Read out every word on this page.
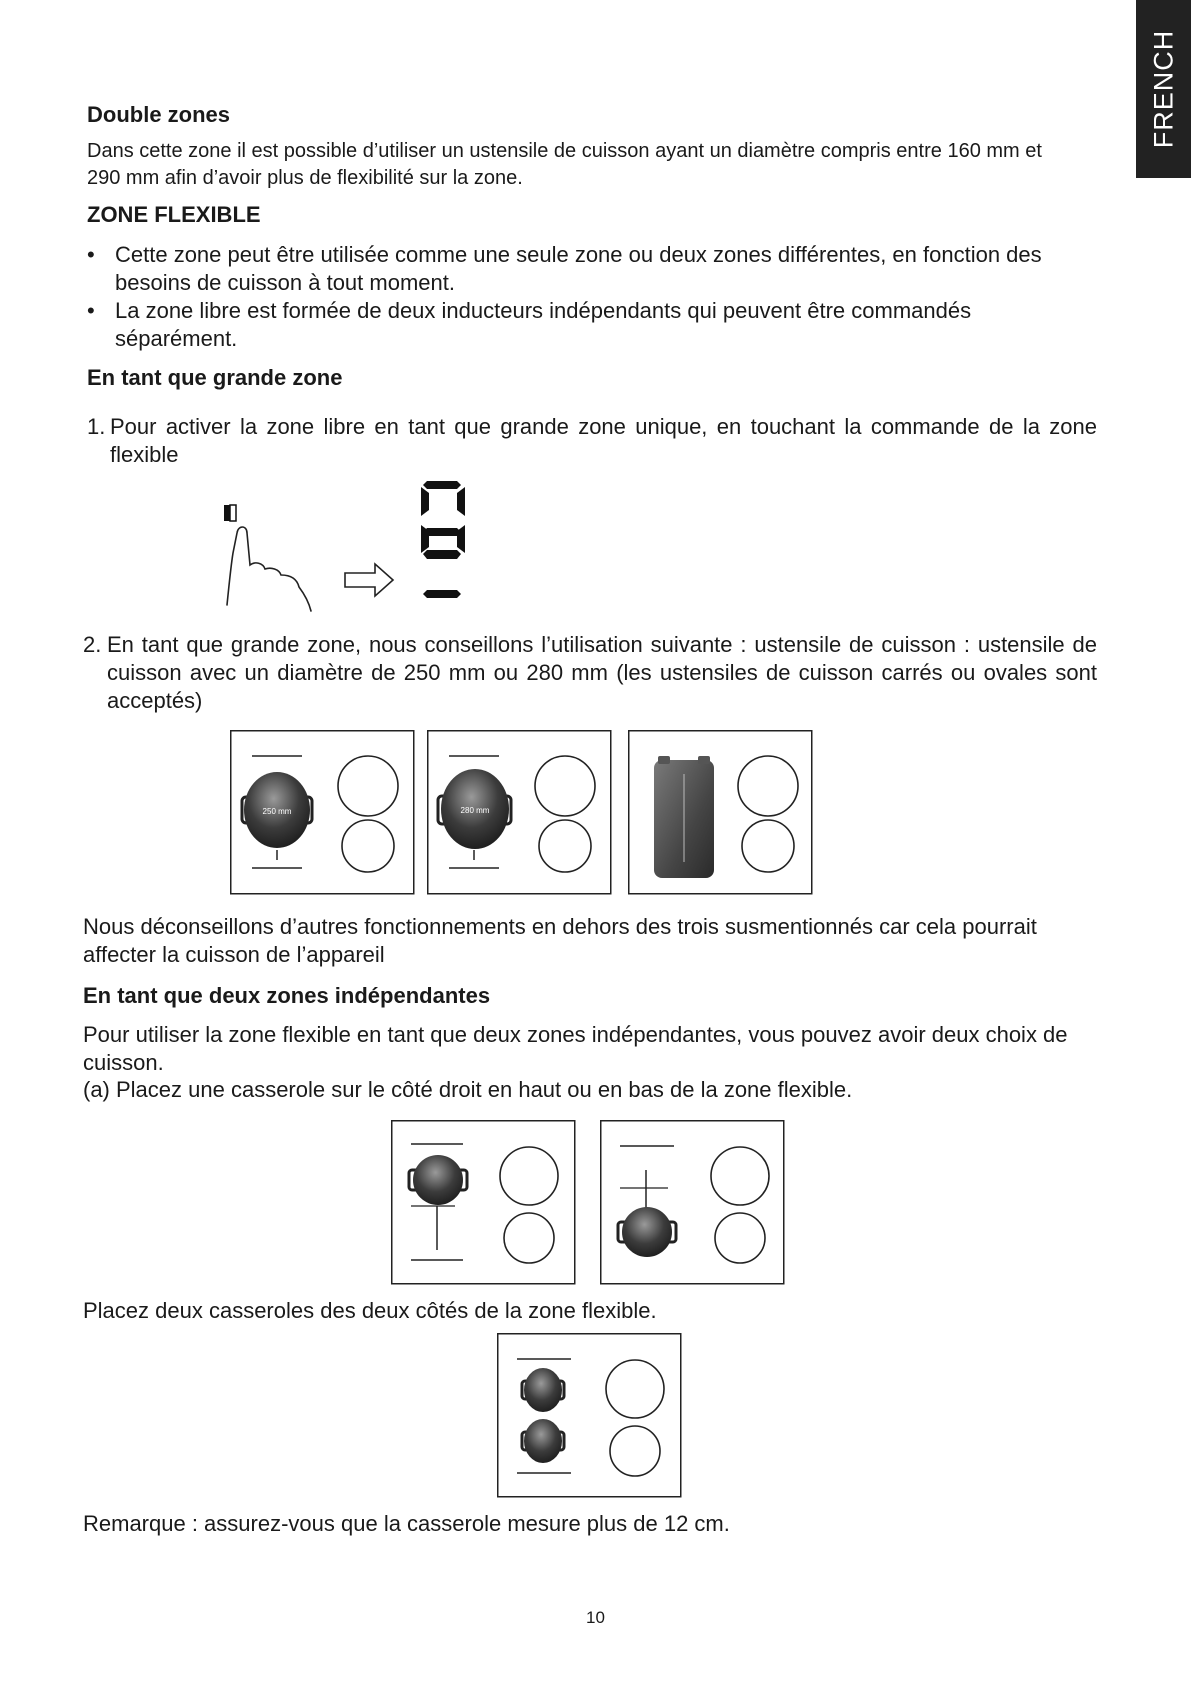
FRENCH
Double zones
Dans cette zone il est possible d’utiliser un ustensile de cuisson ayant un diamètre compris entre 160 mm et 290 mm afin d’avoir plus de flexibilité sur la zone.
ZONE FLEXIBLE
• Cette zone peut être utilisée comme une seule zone ou deux zones différentes, en fonction des besoins de cuisson à tout moment.
• La zone libre est formée de deux inducteurs indépendants qui peuvent être commandés séparément.
En tant que grande zone
1. Pour activer la zone libre en tant que grande zone unique, en touchant la commande de la zone flexible
2. En tant que grande zone, nous conseillons l’utilisation suivante : ustensile de cuisson : ustensile de cuisson avec un diamètre de 250 mm ou 280 mm (les ustensiles de cuisson carrés ou ovales sont acceptés)
250 mm	280 mm
Nous déconseillons d’autres fonctionnements en dehors des trois susmentionnés car cela pourrait affecter la cuisson de l’appareil
En tant que deux zones indépendantes
Pour utiliser la zone flexible en tant que deux zones indépendantes, vous pouvez avoir deux choix de cuisson.
(a) Placez une casserole sur le côté droit en haut ou en bas de la zone flexible.
Placez deux casseroles des deux côtés de la zone flexible.
Remarque : assurez-vous que la casserole mesure plus de 12 cm.
10
